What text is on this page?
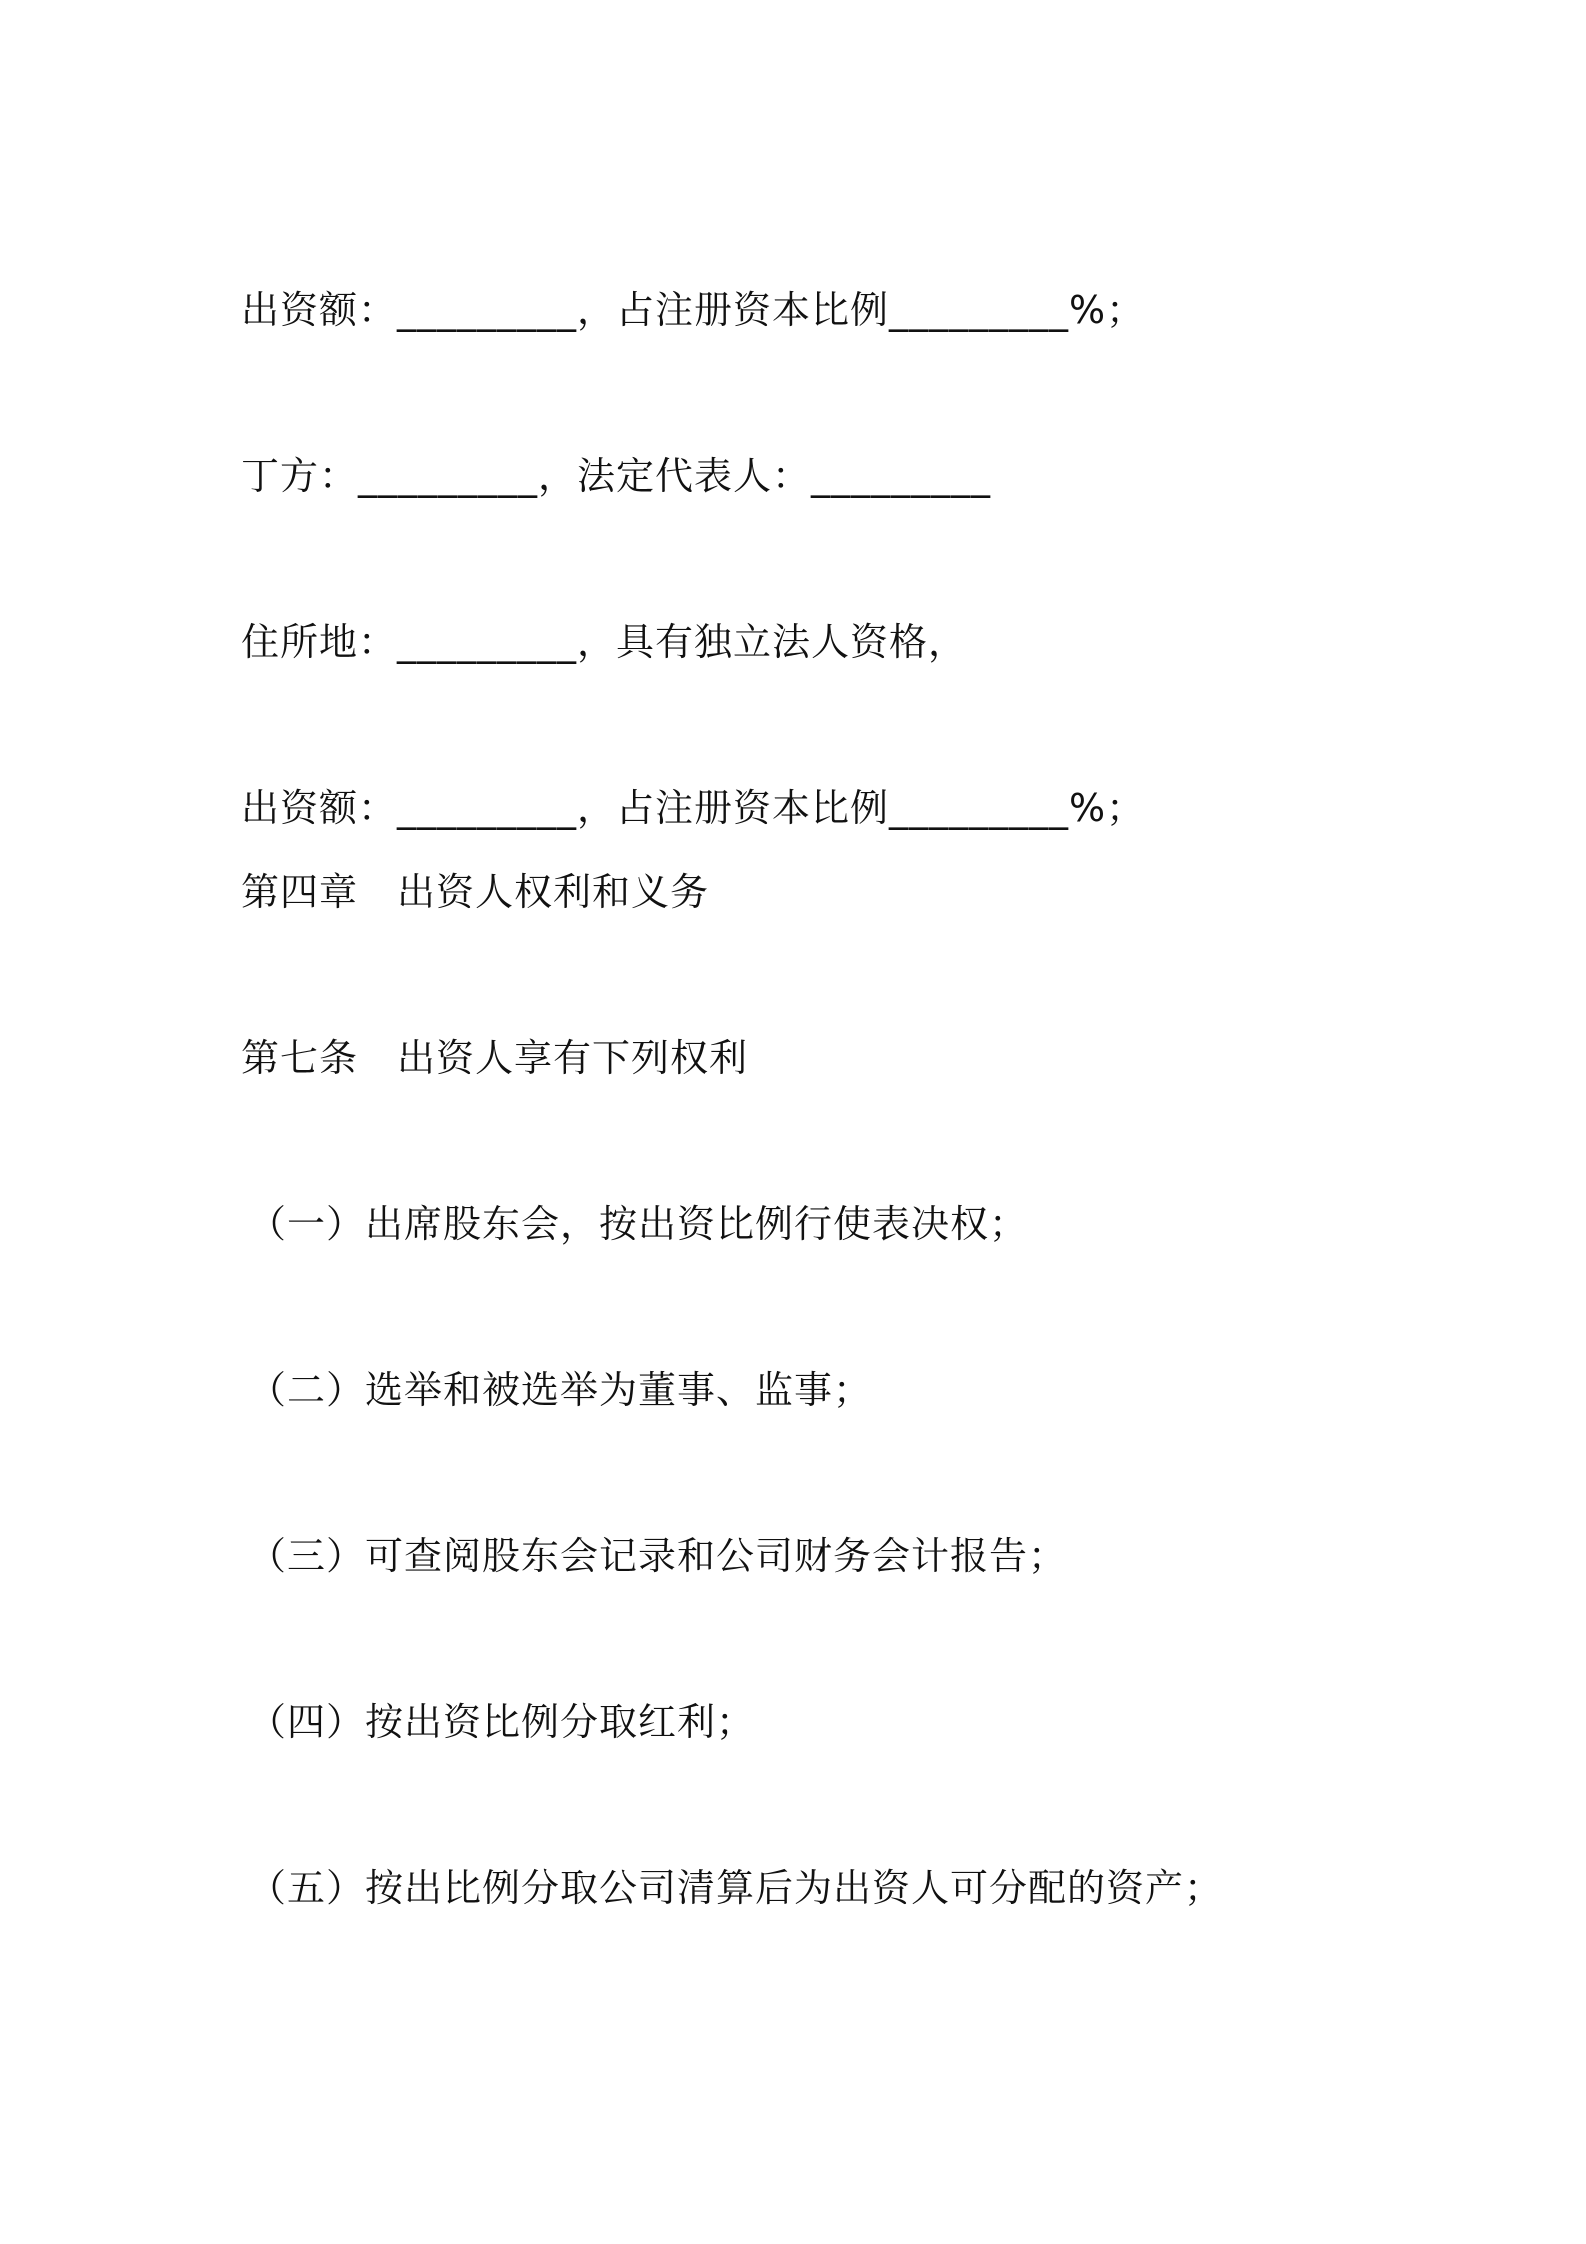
出资额：_________，占注册资本比例_________%；
丁方：_________，法定代表人：_________
住所地：_________，具有独立法人资格，
出资额：_________，占注册资本比例_________%；
第四章　出资人权利和义务
第七条　出资人享有下列权利
（一）出席股东会，按出资比例行使表决权；
（二）选举和被选举为董事、监事；
（三）可查阅股东会记录和公司财务会计报告；
（四）按出资比例分取红利；
（五）按出比例分取公司清算后为出资人可分配的资产；
